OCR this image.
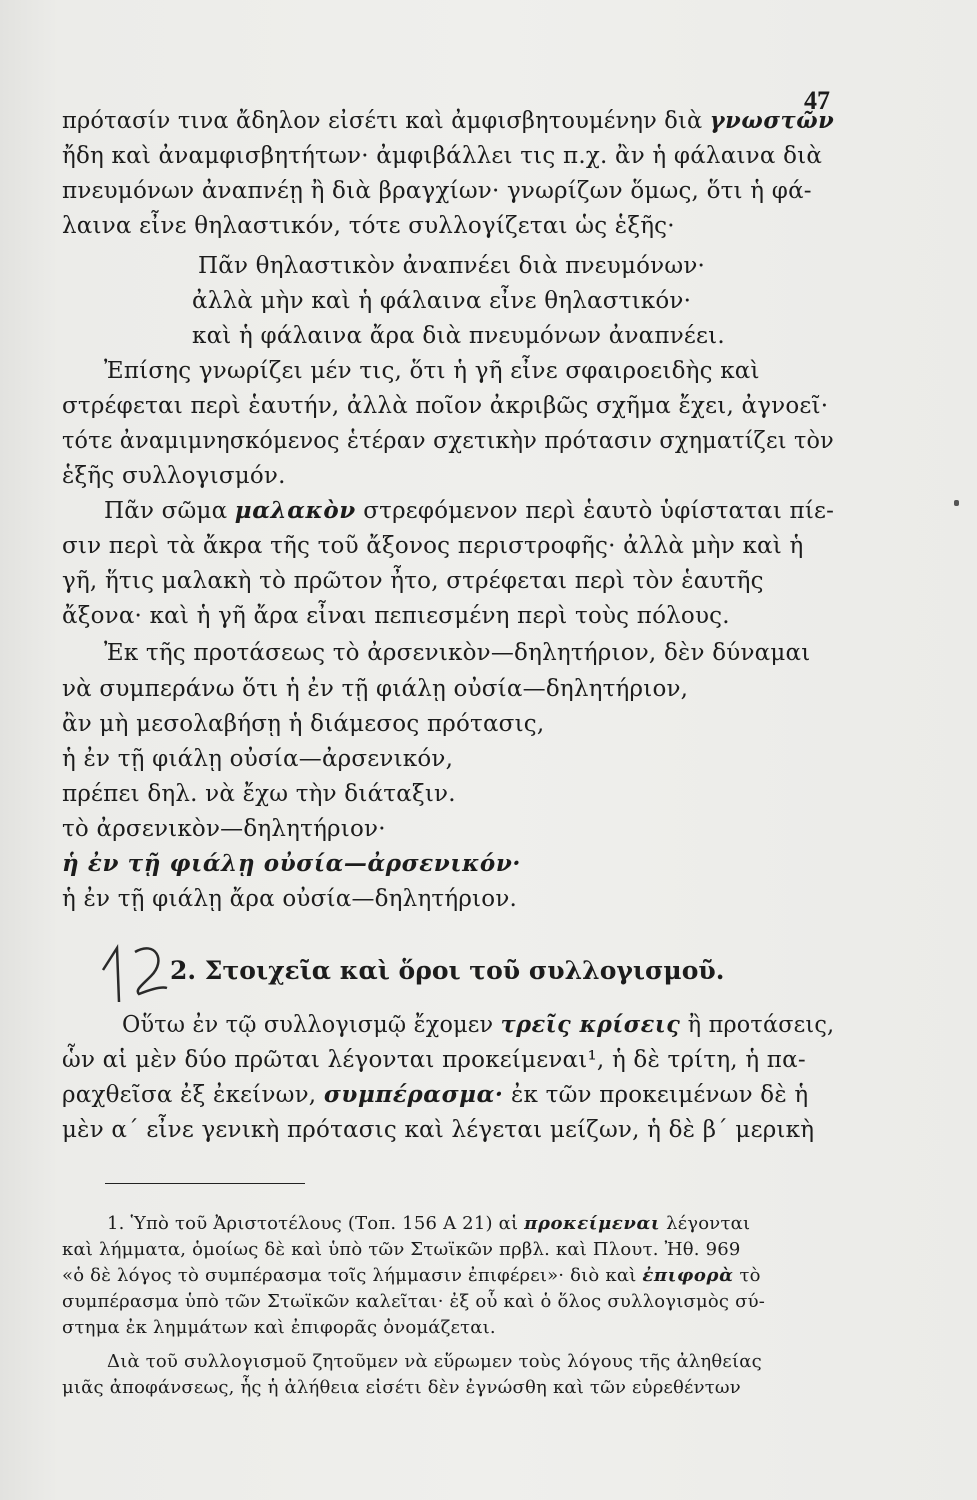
47
πρότασίν τινα ἄδηλον εἰσέτι καὶ ἀμφισβητουμένην διὰ γνωστῶν
ἤδη καὶ ἀναμφισβητήτων· ἀμφιβάλλει τις π.χ. ἂν ἡ φάλαινα διὰ
πνευμόνων ἀναπνέῃ ἢ διὰ βραγχίων· γνωρίζων ὅμως, ὅτι ἡ φά-
λαινα εἶνε θηλαστικόν, τότε συλλογίζεται ὡς ἑξῆς·
Πᾶν θηλαστικὸν ἀναπνέει διὰ πνευμόνων·
ἀλλὰ μὴν καὶ ἡ φάλαινα εἶνε θηλαστικόν·
καὶ ἡ φάλαινα ἄρα διὰ πνευμόνων ἀναπνέει.
Ἐπίσης γνωρίζει μέν τις, ὅτι ἡ γῆ εἶνε σφαιροειδὴς καὶ
στρέφεται περὶ ἑαυτήν, ἀλλὰ ποῖον ἀκριβῶς σχῆμα ἔχει, ἀγνοεῖ·
τότε ἀναμιμνησκόμενος ἑτέραν σχετικὴν πρότασιν σχηματίζει τὸν
ἑξῆς συλλογισμόν.
Πᾶν σῶμα μαλακὸν στρεφόμενον περὶ ἑαυτὸ ὑφίσταται πίε-
σιν περὶ τὰ ἄκρα τῆς τοῦ ἄξονος περιστροφῆς· ἀλλὰ μὴν καὶ ἡ
γῆ, ἥτις μαλακὴ τὸ πρῶτον ἦτο, στρέφεται περὶ τὸν ἑαυτῆς
ἄξονα· καὶ ἡ γῆ ἄρα εἶναι πεπιεσμένη περὶ τοὺς πόλους.
Ἐκ τῆς προτάσεως τὸ ἀρσενικὸν—δηλητήριον, δὲν δύναμαι
νὰ συμπεράνω ὅτι ἡ ἐν τῇ φιάλῃ οὐσία—δηλητήριον,
ἂν μὴ μεσολαβήσῃ ἡ διάμεσος πρότασις,
ἡ ἐν τῇ φιάλῃ οὐσία—ἀρσενικόν,
πρέπει δηλ. νὰ ἔχω τὴν διάταξιν.
τὸ ἀρσενικὸν—δηλητήριον·
ἡ ἐν τῇ φιάλῃ οὐσία—ἀρσενικόν·
ἡ ἐν τῇ φιάλῃ ἄρα οὐσία—δηλητήριον.
2. Στοιχεῖα καὶ ὅροι τοῦ συλλογισμοῦ.
Οὕτω ἐν τῷ συλλογισμῷ ἔχομεν τρεῖς κρίσεις ἢ προτάσεις,
ὧν αἱ μὲν δύο πρῶται λέγονται προκείμεναι¹, ἡ δὲ τρίτη, ἡ πα-
ραχθεῖσα ἐξ ἐκείνων, συμπέρασμα· ἐκ τῶν προκειμένων δὲ ἡ
μὲν α΄ εἶνε γενικὴ πρότασις καὶ λέγεται μείζων, ἡ δὲ β΄ μερικὴ
1. Ὑπὸ τοῦ Ἀριστοτέλους (Τοπ. 156 A 21) αἱ προκείμεναι λέγονται
καὶ λήμματα, ὁμοίως δὲ καὶ ὑπὸ τῶν Στωϊκῶν πρβλ. καὶ Πλουτ. Ἠθ. 969
«ὁ δὲ λόγος τὸ συμπέρασμα τοῖς λήμμασιν ἐπιφέρει»· διὸ καὶ ἐπιφορὰ τὸ
συμπέρασμα ὑπὸ τῶν Στωϊκῶν καλεῖται· ἐξ οὗ καὶ ὁ ὅλος συλλογισμὸς σύ-
στημα ἐκ λημμάτων καὶ ἐπιφορᾶς ὀνομάζεται.
Διὰ τοῦ συλλογισμοῦ ζητοῦμεν νὰ εὕρωμεν τοὺς λόγους τῆς ἀληθείας
μιᾶς ἀποφάνσεως, ἧς ἡ ἀλήθεια εἰσέτι δὲν ἐγνώσθη καὶ τῶν εὑρεθέντων
